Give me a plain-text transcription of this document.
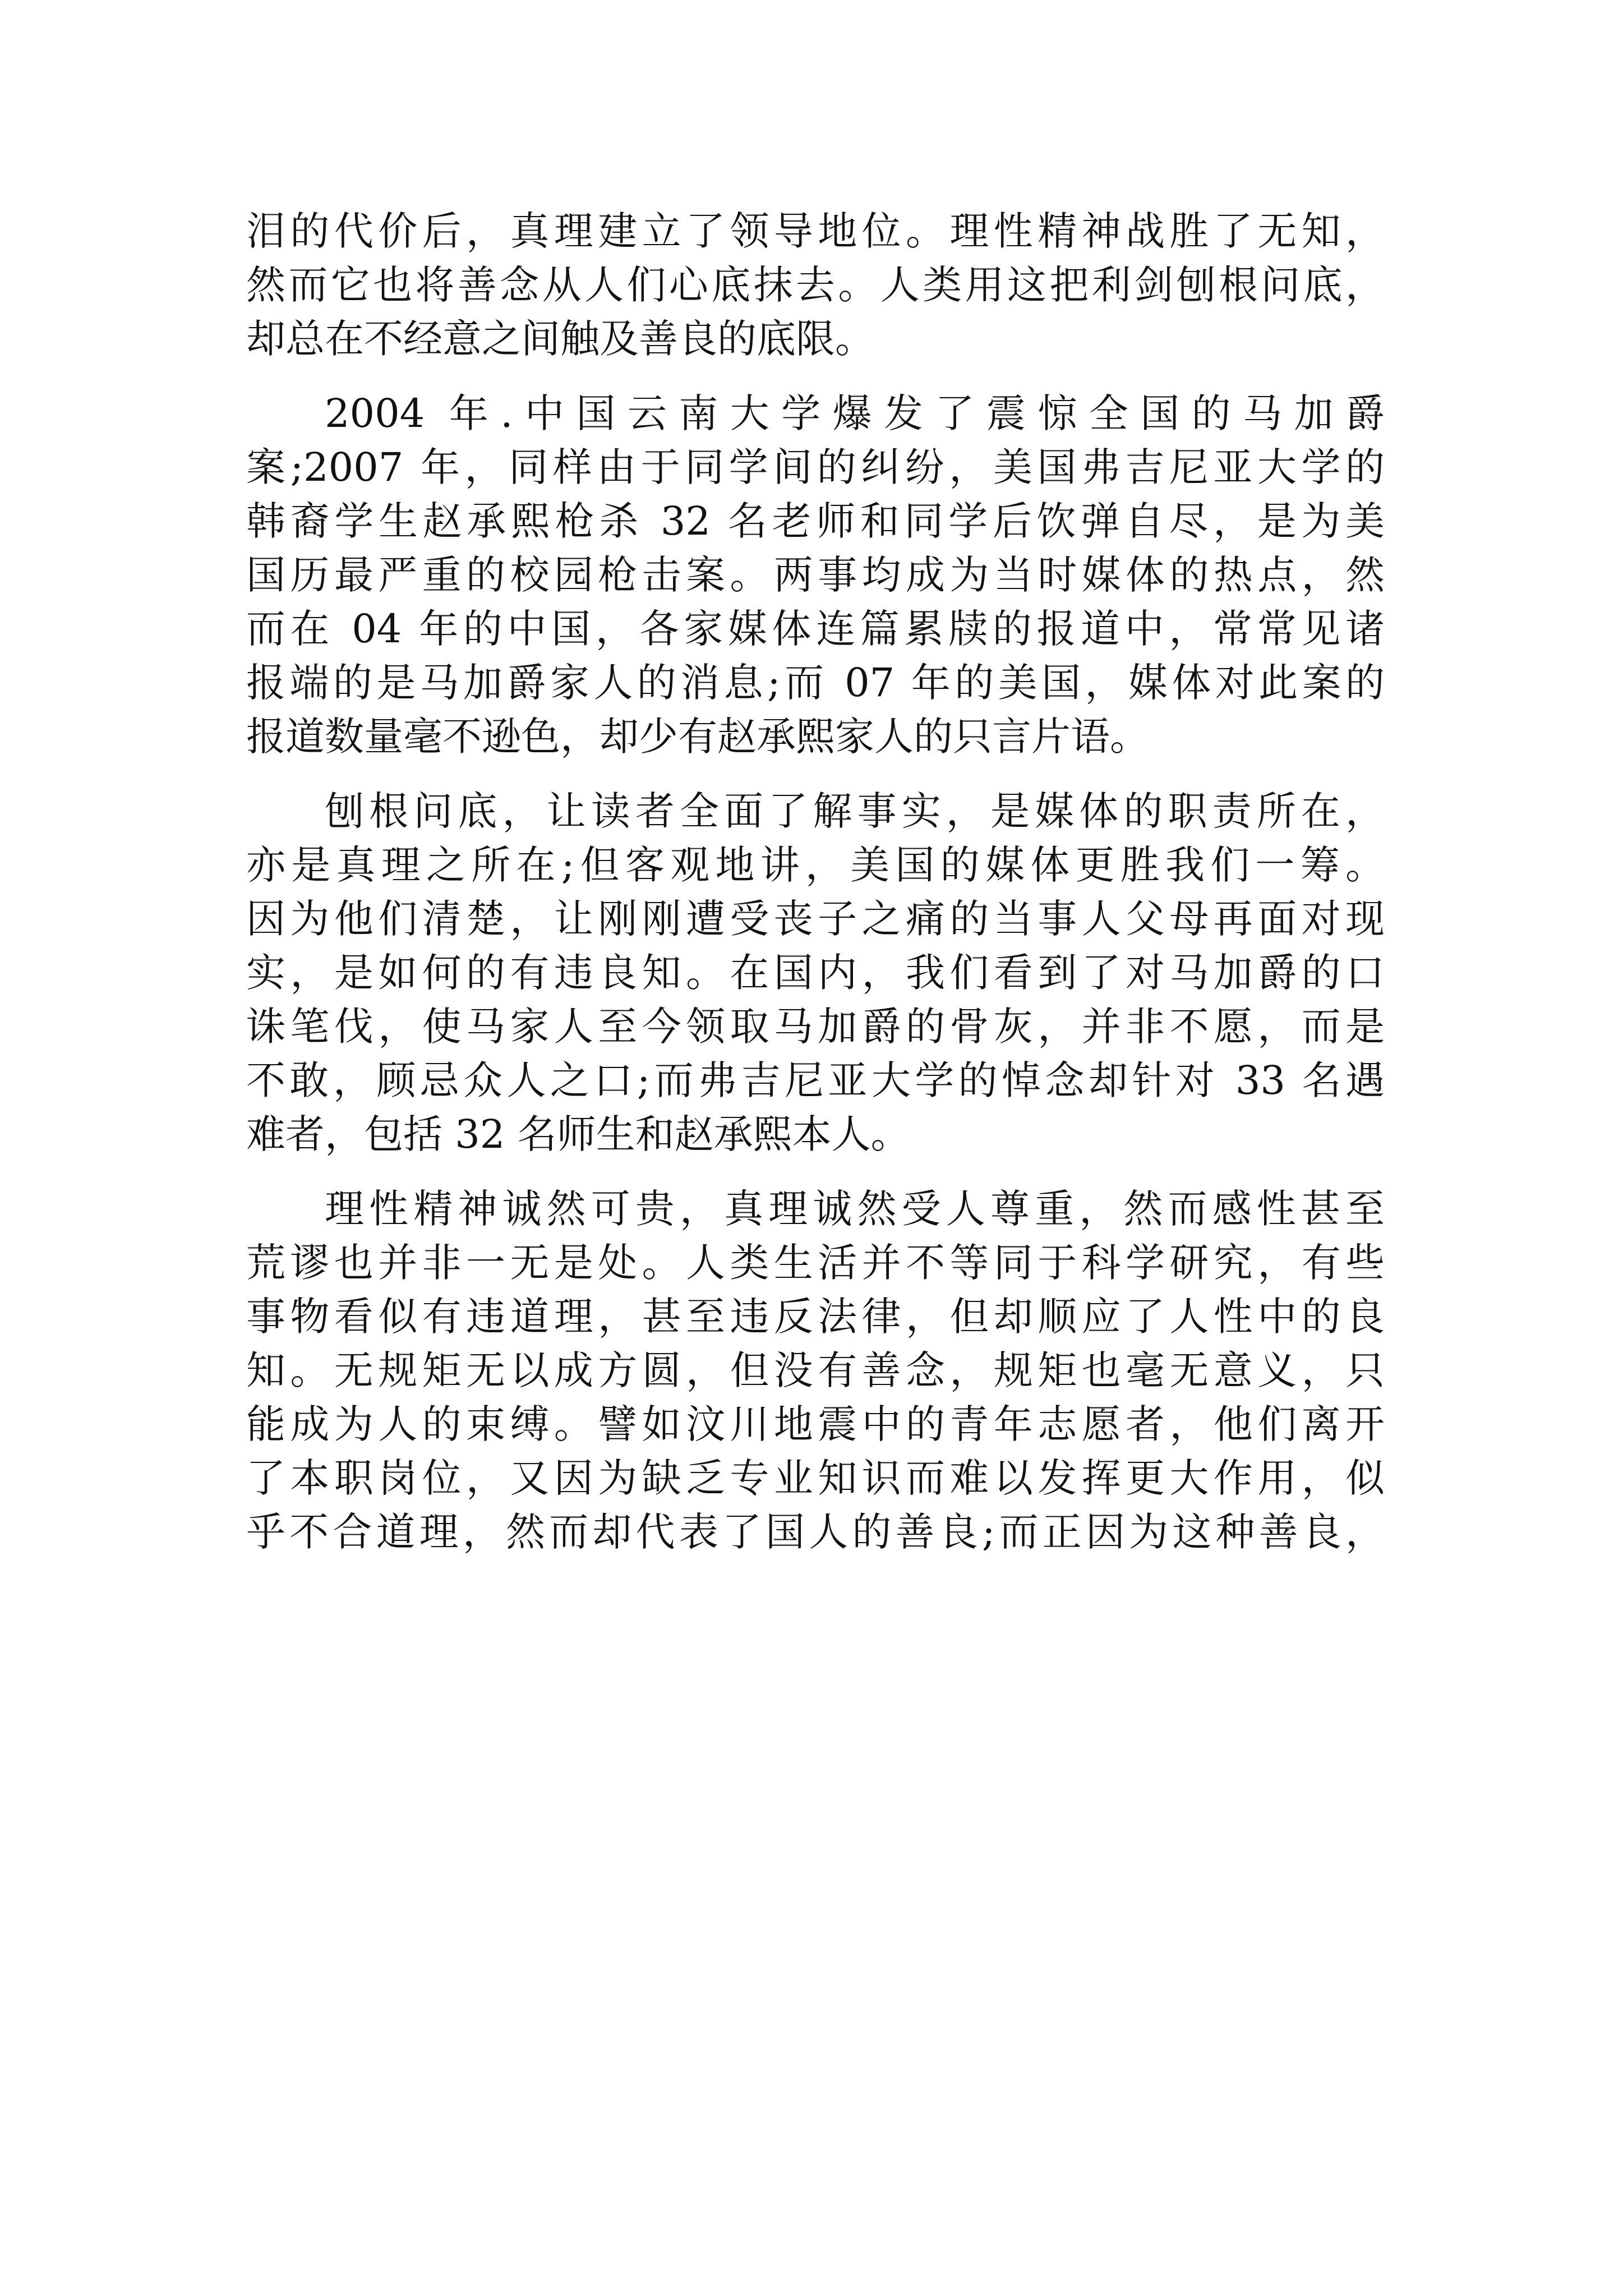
泪的代价后，真理建立了领导地位。理性精神战胜了无知，
然而它也将善念从人们心底抹去。人类用这把利剑刨根问底，
却总在不经意之间触及善良的底限。
2004 年.中国云南大学爆发了震惊全国的马加爵
案;2007 年，同样由于同学间的纠纷，美国弗吉尼亚大学的
韩裔学生赵承熙枪杀 32 名老师和同学后饮弹自尽，是为美
国历最严重的校园枪击案。两事均成为当时媒体的热点，然
而在 04 年的中国，各家媒体连篇累牍的报道中，常常见诸
报端的是马加爵家人的消息;而 07 年的美国，媒体对此案的
报道数量毫不逊色，却少有赵承熙家人的只言片语。
刨根问底，让读者全面了解事实，是媒体的职责所在，
亦是真理之所在;但客观地讲，美国的媒体更胜我们一筹。
因为他们清楚，让刚刚遭受丧子之痛的当事人父母再面对现
实，是如何的有违良知。在国内，我们看到了对马加爵的口
诛笔伐，使马家人至今领取马加爵的骨灰，并非不愿，而是
不敢，顾忌众人之口;而弗吉尼亚大学的悼念却针对 33 名遇
难者，包括 32 名师生和赵承熙本人。
理性精神诚然可贵，真理诚然受人尊重，然而感性甚至
荒谬也并非一无是处。人类生活并不等同于科学研究，有些
事物看似有违道理，甚至违反法律，但却顺应了人性中的良
知。无规矩无以成方圆，但没有善念，规矩也毫无意义，只
能成为人的束缚。譬如汶川地震中的青年志愿者，他们离开
了本职岗位，又因为缺乏专业知识而难以发挥更大作用，似
乎不合道理，然而却代表了国人的善良;而正因为这种善良，
